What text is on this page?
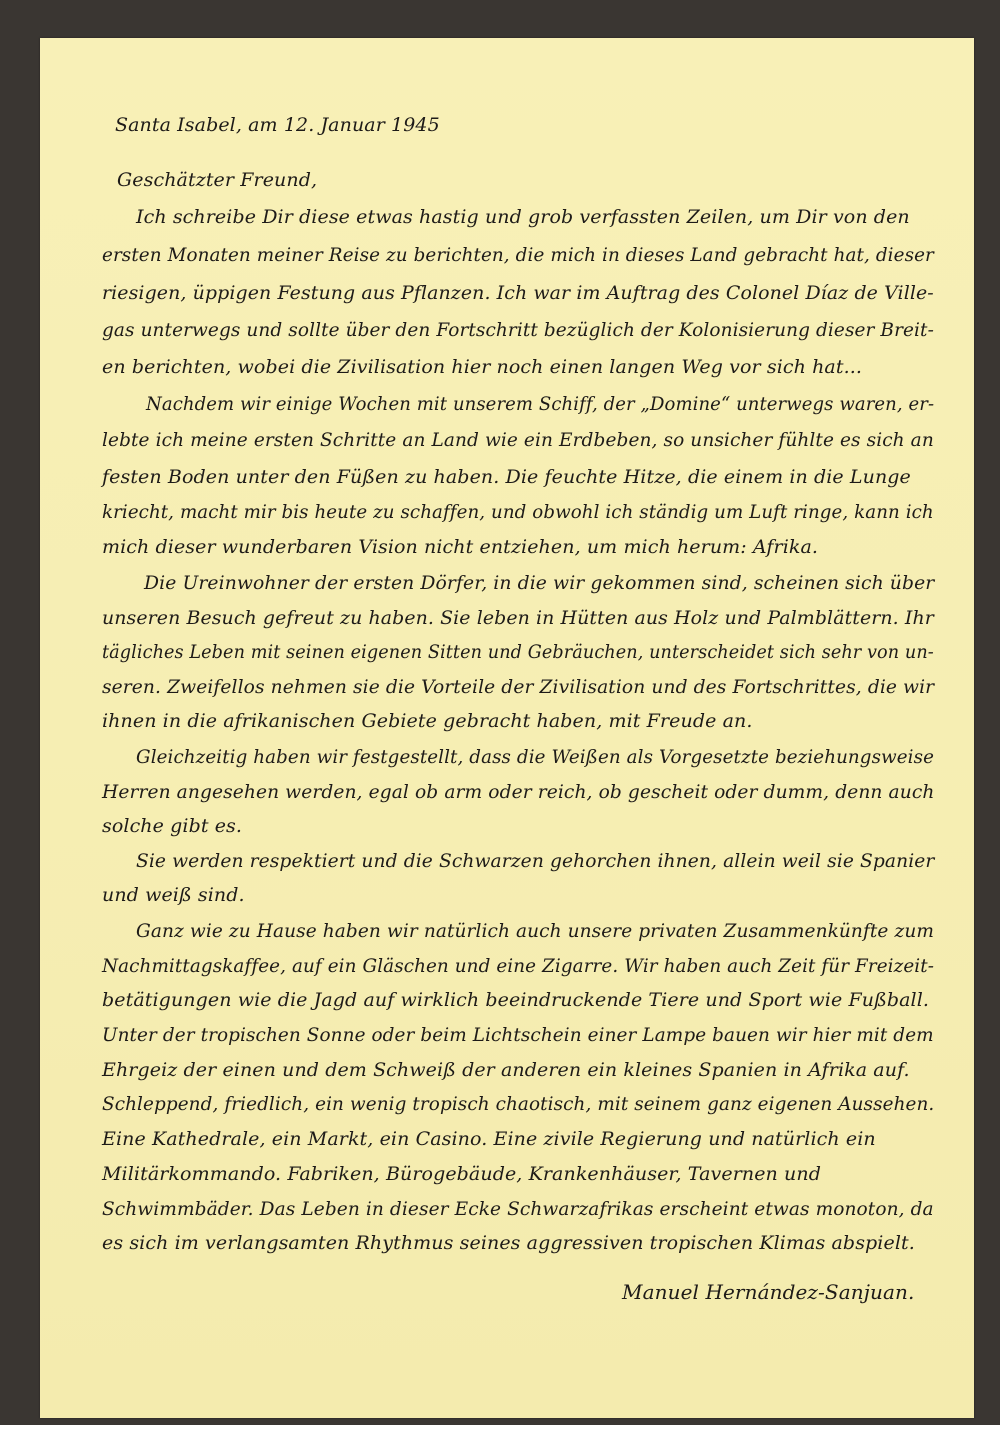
Santa Isabel, am 12. Januar 1945
Geschätzter Freund,
Ich schreibe Dir diese etwas hastig und grob verfassten Zeilen, um Dir von den
ersten Monaten meiner Reise zu berichten, die mich in dieses Land gebracht hat, dieser
riesigen, üppigen Festung aus Pflanzen. Ich war im Auftrag des Colonel Díaz de Ville-
gas unterwegs und sollte über den Fortschritt bezüglich der Kolonisierung dieser Breit-
en berichten, wobei die Zivilisation hier noch einen langen Weg vor sich hat...
Nachdem wir einige Wochen mit unserem Schiff, der „Domine“ unterwegs waren, er-
lebte ich meine ersten Schritte an Land wie ein Erdbeben, so unsicher fühlte es sich an
festen Boden unter den Füßen zu haben. Die feuchte Hitze, die einem in die Lunge
kriecht, macht mir bis heute zu schaffen, und obwohl ich ständig um Luft ringe, kann ich
mich dieser wunderbaren Vision nicht entziehen, um mich herum: Afrika.
Die Ureinwohner der ersten Dörfer, in die wir gekommen sind, scheinen sich über
unseren Besuch gefreut zu haben. Sie leben in Hütten aus Holz und Palmblättern. Ihr
tägliches Leben mit seinen eigenen Sitten und Gebräuchen, unterscheidet sich sehr von un-
seren. Zweifellos nehmen sie die Vorteile der Zivilisation und des Fortschrittes, die wir
ihnen in die afrikanischen Gebiete gebracht haben, mit Freude an.
Gleichzeitig haben wir festgestellt, dass die Weißen als Vorgesetzte beziehungsweise
Herren angesehen werden, egal ob arm oder reich, ob gescheit oder dumm, denn auch
solche gibt es.
Sie werden respektiert und die Schwarzen gehorchen ihnen, allein weil sie Spanier
und weiß sind.
Ganz wie zu Hause haben wir natürlich auch unsere privaten Zusammenkünfte zum
Nachmittagskaffee, auf ein Gläschen und eine Zigarre. Wir haben auch Zeit für Freizeit-
betätigungen wie die Jagd auf wirklich beeindruckende Tiere und Sport wie Fußball.
Unter der tropischen Sonne oder beim Lichtschein einer Lampe bauen wir hier mit dem
Ehrgeiz der einen und dem Schweiß der anderen ein kleines Spanien in Afrika auf.
Schleppend, friedlich, ein wenig tropisch chaotisch, mit seinem ganz eigenen Aussehen.
Eine Kathedrale, ein Markt, ein Casino. Eine zivile Regierung und natürlich ein
Militärkommando. Fabriken, Bürogebäude, Krankenhäuser, Tavernen und
Schwimmbäder. Das Leben in dieser Ecke Schwarzafrikas erscheint etwas monoton, da
es sich im verlangsamten Rhythmus seines aggressiven tropischen Klimas abspielt.
Manuel Hernández-Sanjuan.
